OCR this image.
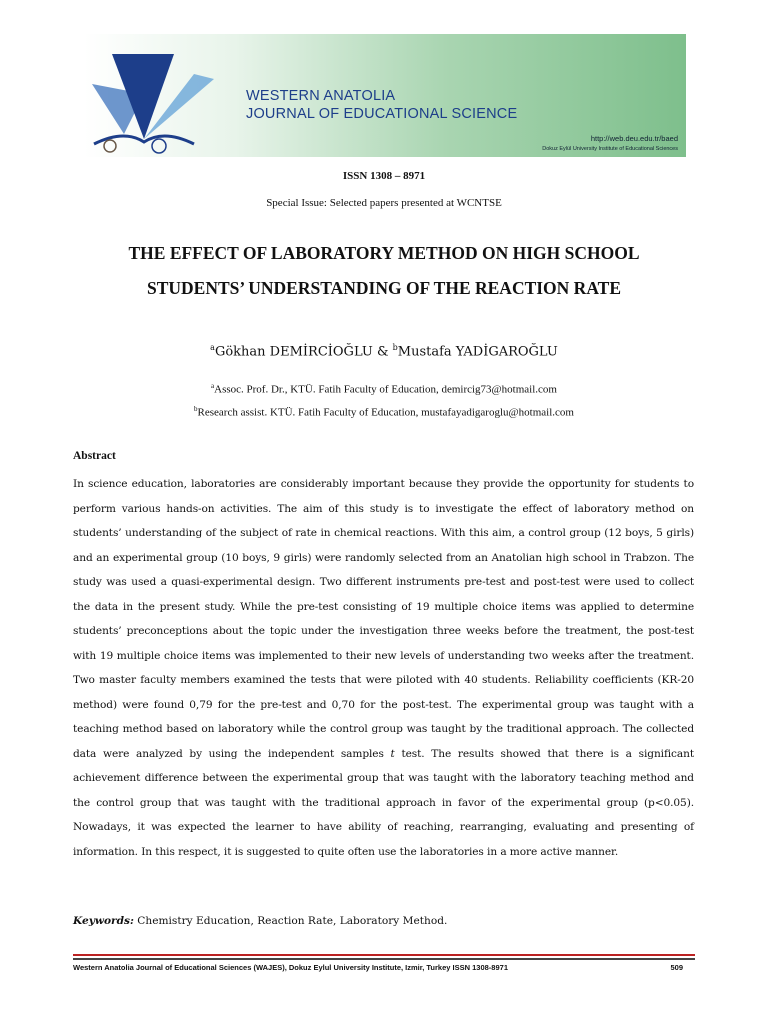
WESTERN ANATOLIA
JOURNAL OF EDUCATIONAL SCIENCE
http://web.deu.edu.tr/baed
Dokuz Eylül University Institute of Educational Sciences
ISSN 1308 – 8971
Special Issue: Selected papers presented at WCNTSE
THE EFFECT OF LABORATORY METHOD ON HIGH SCHOOL
STUDENTS’ UNDERSTANDING OF THE REACTION RATE
$^a$Gökhan DEMİRCİOĞLU & $^b$Mustafa YADİGAROĞLU
$^a$Assoc. Prof. Dr., KTÜ. Fatih Faculty of Education, demircig73@hotmail.com
$^b$Research assist. KTÜ. Fatih Faculty of Education, mustafayadigaroglu@hotmail.com
Abstract
In science education, laboratories are considerably important because they provide the opportunity for students to perform various hands-on activities. The aim of this study is to investigate the effect of laboratory method on students’ understanding of the subject of rate in chemical reactions. With this aim, a control group (12 boys, 5 girls) and an experimental group (10 boys, 9 girls) were randomly selected from an Anatolian high school in Trabzon. The study was used a quasi-experimental design. Two different instruments pre-test and post-test were used to collect the data in the present study. While the pre-test consisting of 19 multiple choice items was applied to determine students’ preconceptions about the topic under the investigation three weeks before the treatment, the post-test with 19 multiple choice items was implemented to their new levels of understanding two weeks after the treatment. Two master faculty members examined the tests that were piloted with 40 students. Reliability coefficients (KR-20 method) were found 0,79 for the pre-test and 0,70 for the post-test. The experimental group was taught with a teaching method based on laboratory while the control group was taught by the traditional approach. The collected data were analyzed by using the independent samples t test. The results showed that there is a significant achievement difference between the experimental group that was taught with the laboratory teaching method and the control group that was taught with the traditional approach in favor of the experimental group (p<0.05). Nowadays, it was expected the learner to have ability of reaching, rearranging, evaluating and presenting of information. In this respect, it is suggested to quite often use the laboratories in a more active manner.
Keywords: Chemistry Education, Reaction Rate, Laboratory Method.
Western Anatolia Journal of Educational Sciences (WAJES), Dokuz Eylul University Institute, Izmir, Turkey ISSN 1308-8971	509
